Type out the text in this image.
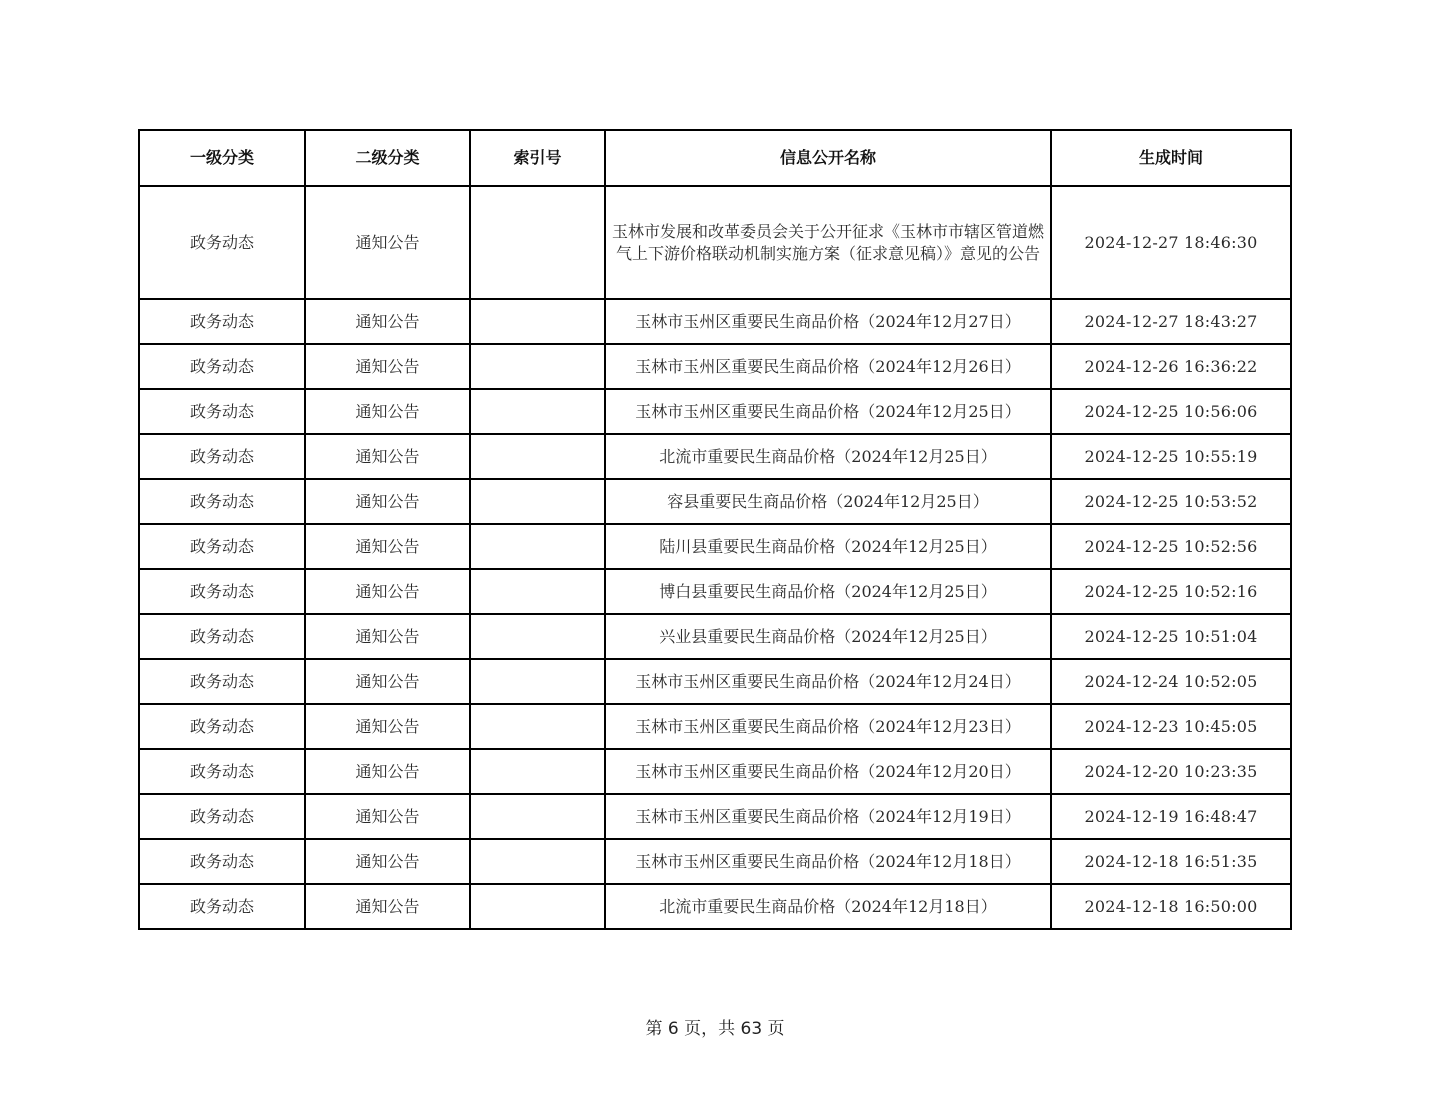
一级分类	二级分类	索引号	信息公开名称	生成时间
政务动态	通知公告		玉林市发展和改革委员会关于公开征求《玉林市市辖区管道燃气上下游价格联动机制实施方案（征求意见稿）》意见的公告	2024-12-27 18:46:30
政务动态	通知公告		玉林市玉州区重要民生商品价格（2024年12月27日）	2024-12-27 18:43:27
政务动态	通知公告		玉林市玉州区重要民生商品价格（2024年12月26日）	2024-12-26 16:36:22
政务动态	通知公告		玉林市玉州区重要民生商品价格（2024年12月25日）	2024-12-25 10:56:06
政务动态	通知公告		北流市重要民生商品价格（2024年12月25日）	2024-12-25 10:55:19
政务动态	通知公告		容县重要民生商品价格（2024年12月25日）	2024-12-25 10:53:52
政务动态	通知公告		陆川县重要民生商品价格（2024年12月25日）	2024-12-25 10:52:56
政务动态	通知公告		博白县重要民生商品价格（2024年12月25日）	2024-12-25 10:52:16
政务动态	通知公告		兴业县重要民生商品价格（2024年12月25日）	2024-12-25 10:51:04
政务动态	通知公告		玉林市玉州区重要民生商品价格（2024年12月24日）	2024-12-24 10:52:05
政务动态	通知公告		玉林市玉州区重要民生商品价格（2024年12月23日）	2024-12-23 10:45:05
政务动态	通知公告		玉林市玉州区重要民生商品价格（2024年12月20日）	2024-12-20 10:23:35
政务动态	通知公告		玉林市玉州区重要民生商品价格（2024年12月19日）	2024-12-19 16:48:47
政务动态	通知公告		玉林市玉州区重要民生商品价格（2024年12月18日）	2024-12-18 16:51:35
政务动态	通知公告		北流市重要民生商品价格（2024年12月18日）	2024-12-18 16:50:00
第 6 页，共 63 页
